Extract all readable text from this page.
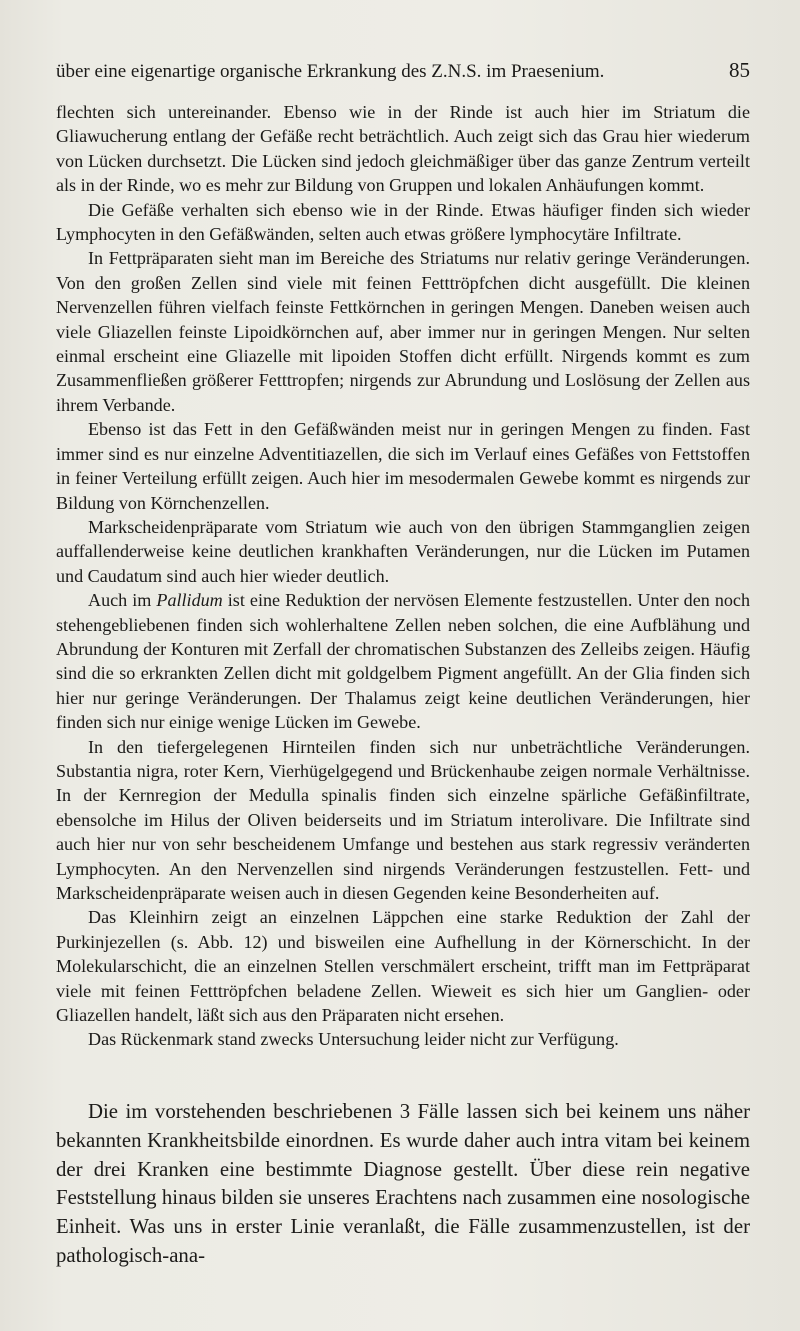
über eine eigenartige organische Erkrankung des Z.N.S. im Praesenium.	85

flechten sich untereinander. Ebenso wie in der Rinde ist auch hier im Striatum die Gliawucherung entlang der Gefäße recht beträchtlich. Auch zeigt sich das Grau hier wiederum von Lücken durchsetzt. Die Lücken sind jedoch gleichmäßiger über das ganze Zentrum verteilt als in der Rinde, wo es mehr zur Bildung von Gruppen und lokalen Anhäufungen kommt.

Die Gefäße verhalten sich ebenso wie in der Rinde. Etwas häufiger finden sich wieder Lymphocyten in den Gefäßwänden, selten auch etwas größere lymphocytäre Infiltrate.

In Fettpräparaten sieht man im Bereiche des Striatums nur relativ geringe Veränderungen. Von den großen Zellen sind viele mit feinen Fetttröpfchen dicht ausgefüllt. Die kleinen Nervenzellen führen vielfach feinste Fettkörnchen in geringen Mengen. Daneben weisen auch viele Gliazellen feinste Lipoidkörnchen auf, aber immer nur in geringen Mengen. Nur selten einmal erscheint eine Gliazelle mit lipoiden Stoffen dicht erfüllt. Nirgends kommt es zum Zusammenfließen größerer Fetttropfen; nirgends zur Abrundung und Loslösung der Zellen aus ihrem Verbande.

Ebenso ist das Fett in den Gefäßwänden meist nur in geringen Mengen zu finden. Fast immer sind es nur einzelne Adventitiazellen, die sich im Verlauf eines Gefäßes von Fettstoffen in feiner Verteilung erfüllt zeigen. Auch hier im mesodermalen Gewebe kommt es nirgends zur Bildung von Körnchenzellen.

Markscheidenpräparate vom Striatum wie auch von den übrigen Stammganglien zeigen auffallenderweise keine deutlichen krankhaften Veränderungen, nur die Lücken im Putamen und Caudatum sind auch hier wieder deutlich.

Auch im Pallidum ist eine Reduktion der nervösen Elemente festzustellen. Unter den noch stehengebliebenen finden sich wohlerhaltene Zellen neben solchen, die eine Aufblähung und Abrundung der Konturen mit Zerfall der chromatischen Substanzen des Zelleibs zeigen. Häufig sind die so erkrankten Zellen dicht mit goldgelbem Pigment angefüllt. An der Glia finden sich hier nur geringe Veränderungen. Der Thalamus zeigt keine deutlichen Veränderungen, hier finden sich nur einige wenige Lücken im Gewebe.

In den tiefergelegenen Hirnteilen finden sich nur unbeträchtliche Veränderungen. Substantia nigra, roter Kern, Vierhügelgegend und Brückenhaube zeigen normale Verhältnisse. In der Kernregion der Medulla spinalis finden sich einzelne spärliche Gefäßinfiltrate, ebensolche im Hilus der Oliven beiderseits und im Striatum interolivare. Die Infiltrate sind auch hier nur von sehr bescheidenem Umfange und bestehen aus stark regressiv veränderten Lymphocyten. An den Nervenzellen sind nirgends Veränderungen festzustellen. Fett- und Markscheidenpräparate weisen auch in diesen Gegenden keine Besonderheiten auf.

Das Kleinhirn zeigt an einzelnen Läppchen eine starke Reduktion der Zahl der Purkinjezellen (s. Abb. 12) und bisweilen eine Aufhellung in der Körnerschicht. In der Molekularschicht, die an einzelnen Stellen verschmälert erscheint, trifft man im Fettpräparat viele mit feinen Fetttröpfchen beladene Zellen. Wieweit es sich hier um Ganglien- oder Gliazellen handelt, läßt sich aus den Präparaten nicht ersehen.

Das Rückenmark stand zwecks Untersuchung leider nicht zur Verfügung.

Die im vorstehenden beschriebenen 3 Fälle lassen sich bei keinem uns näher bekannten Krankheitsbilde einordnen. Es wurde daher auch intra vitam bei keinem der drei Kranken eine bestimmte Diagnose gestellt. Über diese rein negative Feststellung hinaus bilden sie unseres Erachtens nach zusammen eine nosologische Einheit. Was uns in erster Linie veranlaßt, die Fälle zusammenzustellen, ist der pathologisch-ana-
